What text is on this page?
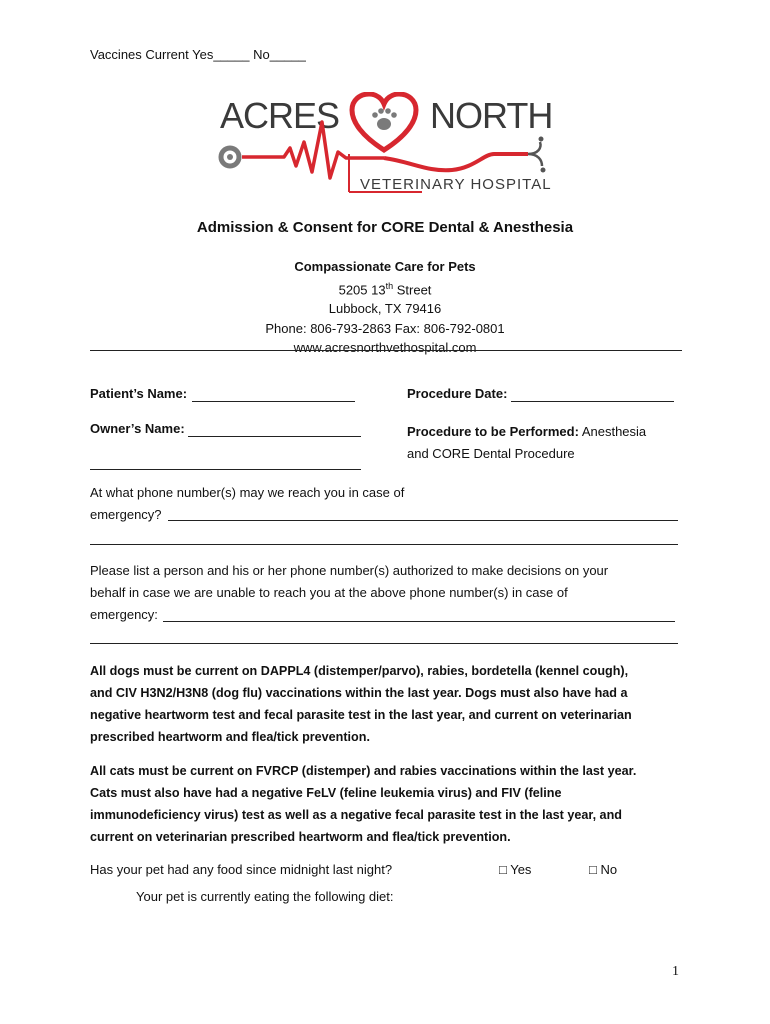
Vaccines Current Yes_____ No_____
ACRES	NORTH
VETERINARY HOSPITAL
Admission & Consent for CORE Dental & Anesthesia
Compassionate Care for Pets
5205 13th Street
Lubbock, TX 79416
Phone: 806-793-2863 Fax: 806-792-0801
www.acresnorthvethospital.com
Patient’s Name:	Procedure Date:
Owner’s Name:	Procedure to be Performed: Anesthesia
and CORE Dental Procedure
At what phone number(s) may we reach you in case of
emergency?
Please list a person and his or her phone number(s) authorized to make decisions on your
behalf in case we are unable to reach you at the above phone number(s) in case of
emergency:
All dogs must be current on DAPPL4 (distemper/parvo), rabies, bordetella (kennel cough),
and CIV H3N2/H3N8 (dog flu) vaccinations within the last year. Dogs must also have had a
negative heartworm test and fecal parasite test in the last year, and current on veterinarian
prescribed heartworm and flea/tick prevention.
All cats must be current on FVRCP (distemper) and rabies vaccinations within the last year.
Cats must also have had a negative FeLV (feline leukemia virus) and FIV (feline
immunodeficiency virus) test as well as a negative fecal parasite test in the last year, and
current on veterinarian prescribed heartworm and flea/tick prevention.
Has your pet had any food since midnight last night?	□ Yes	□ No
Your pet is currently eating the following diet:
1
